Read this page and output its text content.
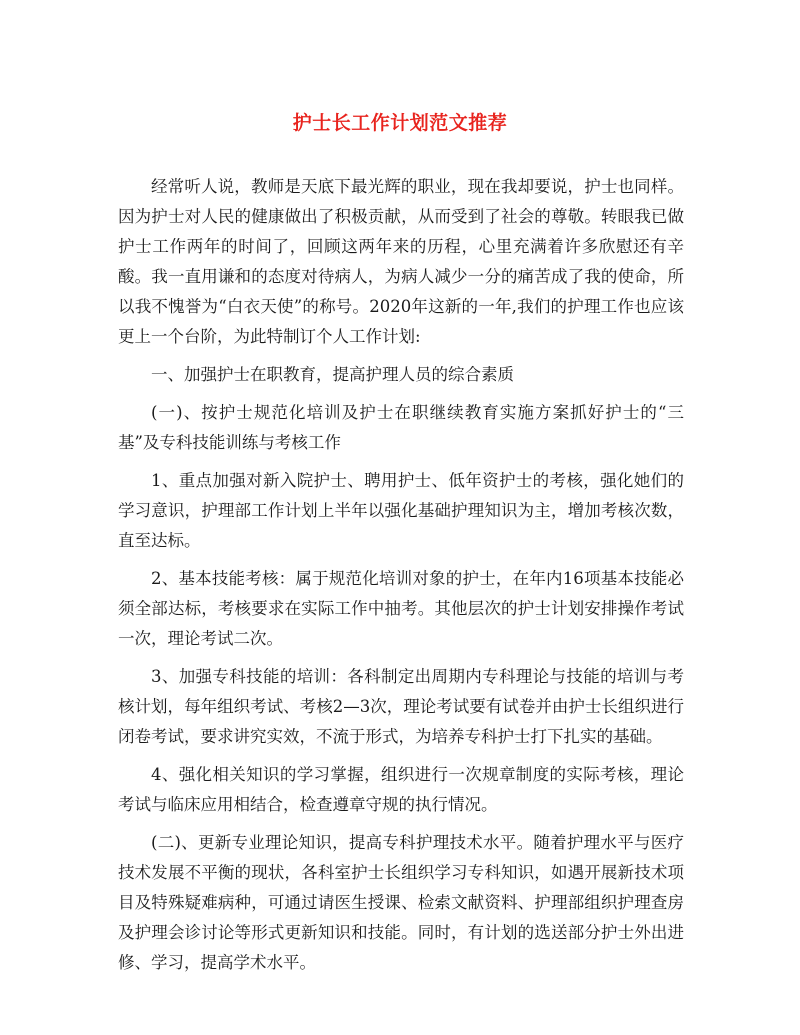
护士长工作计划范文推荐

经常听人说，教师是天底下最光辉的职业，现在我却要说，护士也同样。因为护士对人民的健康做出了积极贡献，从而受到了社会的尊敬。转眼我已做护士工作两年的时间了，回顾这两年来的历程，心里充满着许多欣慰还有辛酸。我一直用谦和的态度对待病人，为病人减少一分的痛苦成了我的使命，所以我不愧誉为“白衣天使”的称号。2020年这新的一年,我们的护理工作也应该更上一个台阶，为此特制订个人工作计划:

一、加强护士在职教育，提高护理人员的综合素质

(一)、按护士规范化培训及护士在职继续教育实施方案抓好护士的“三基”及专科技能训练与考核工作

1、重点加强对新入院护士、聘用护士、低年资护士的考核，强化她们的学习意识，护理部工作计划上半年以强化基础护理知识为主，增加考核次数，直至达标。

2、基本技能考核：属于规范化培训对象的护士，在年内16项基本技能必须全部达标，考核要求在实际工作中抽考。其他层次的护士计划安排操作考试一次，理论考试二次。

3、加强专科技能的培训：各科制定出周期内专科理论与技能的培训与考核计划，每年组织考试、考核2—3次，理论考试要有试卷并由护士长组织进行闭卷考试，要求讲究实效，不流于形式，为培养专科护士打下扎实的基础。

4、强化相关知识的学习掌握，组织进行一次规章制度的实际考核，理论考试与临床应用相结合，检查遵章守规的执行情况。

(二)、更新专业理论知识，提高专科护理技术水平。随着护理水平与医疗技术发展不平衡的现状，各科室护士长组织学习专科知识，如遇开展新技术项目及特殊疑难病种，可通过请医生授课、检索文献资料、护理部组织护理查房及护理会诊讨论等形式更新知识和技能。同时，有计划的选送部分护士外出进修、学习，提高学术水平。
